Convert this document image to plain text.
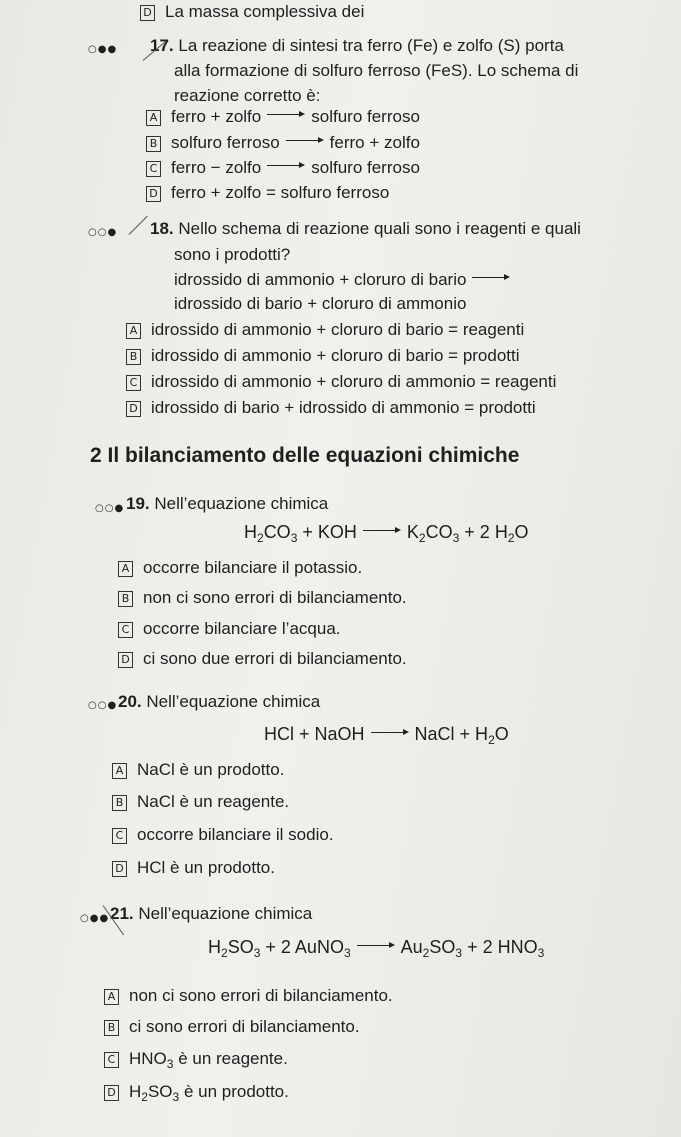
D La massa complessiva dei
○●● 17. La reazione di sintesi tra ferro (Fe) e zolfo (S) porta
alla formazione di solfuro ferroso (FeS). Lo schema di
reazione corretto è:
A ferro + zolfo	solfuro ferroso
B solfuro ferroso	ferro + zolfo
C ferro − zolfo	solfuro ferroso
D ferro + zolfo = solfuro ferroso
○○● 18. Nello schema di reazione quali sono i reagenti e quali
sono i prodotti?
idrossido di ammonio + cloruro di bario
idrossido di bario + cloruro di ammonio
A idrossido di ammonio + cloruro di bario = reagenti
B idrossido di ammonio + cloruro di bario = prodotti
C idrossido di ammonio + cloruro di ammonio = reagenti
D idrossido di bario + idrossido di ammonio = prodotti
2 Il bilanciamento delle equazioni chimiche
○○● 19. Nell’equazione chimica
$H_2CO_3$ + KOH	$K_2CO_3 + 2$ $H_2O$
A occorre bilanciare il potassio.
B non ci sono errori di bilanciamento.
C occorre bilanciare l’acqua.
D ci sono due errori di bilanciamento.
○○● 20. Nell’equazione chimica
HCl + NaOH	NaCl + $H_2O$
A NaCl è un prodotto.
B NaCl è un reagente.
C occorre bilanciare il sodio.
D HCl è un prodotto.
○●● 21. Nell’equazione chimica
$H_2SO_3 + 2$ AuNO$_3$	$Au_2SO_3 + 2$ $HNO_3$
A non ci sono errori di bilanciamento.
B ci sono errori di bilanciamento.
C $HNO_3$ è un reagente.
D $H_2SO_3$ è un prodotto.
